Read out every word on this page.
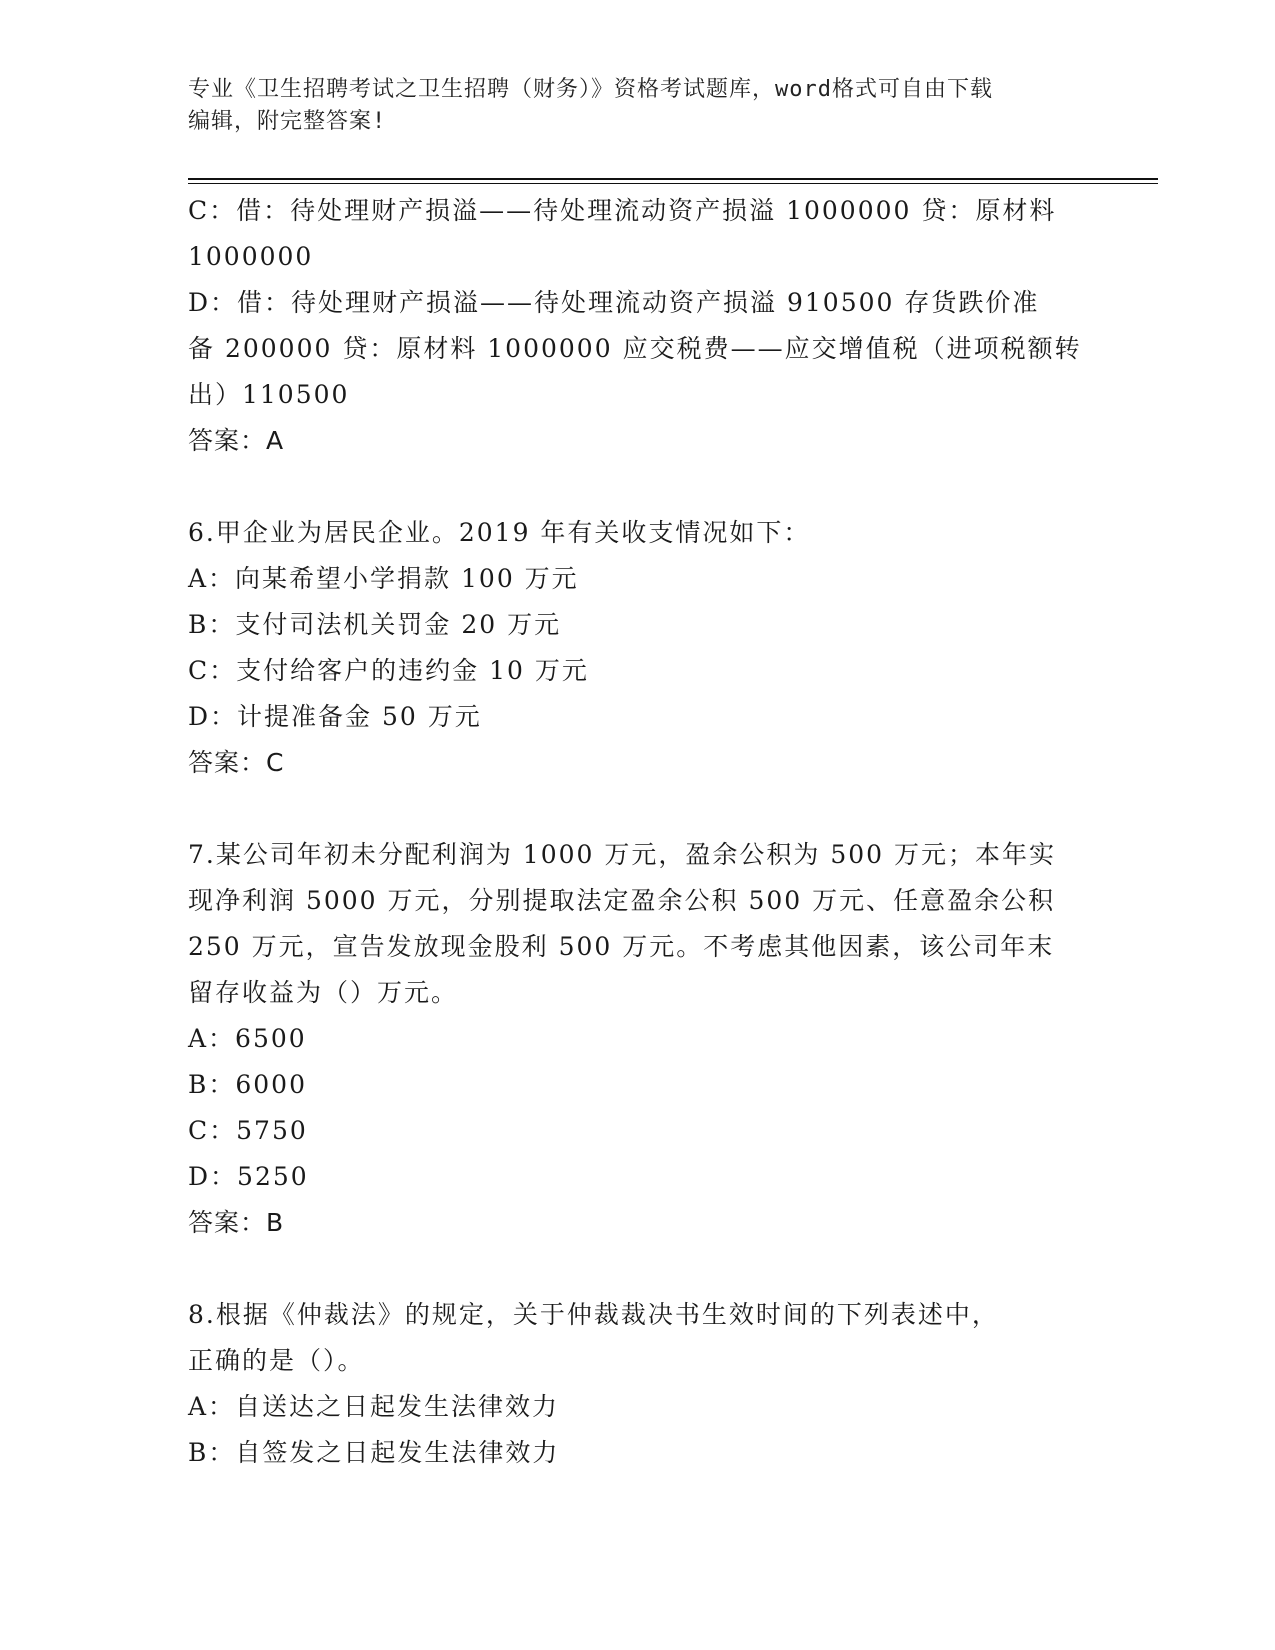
专业《卫生招聘考试之卫生招聘（财务）》资格考试题库，word格式可自由下载
编辑，附完整答案!
C：借：待处理财产损溢——待处理流动资产损溢 1000000 贷：原材料
1000000
D：借：待处理财产损溢——待处理流动资产损溢 910500 存货跌价准
备 200000 贷：原材料 1000000 应交税费——应交增值税（进项税额转
出）110500
答案：A
6.甲企业为居民企业。2019 年有关收支情况如下：
A：向某希望小学捐款 100 万元
B：支付司法机关罚金 20 万元
C：支付给客户的违约金 10 万元
D：计提准备金 50 万元
答案：C
7.某公司年初未分配利润为 1000 万元，盈余公积为 500 万元；本年实
现净利润 5000 万元，分别提取法定盈余公积 500 万元、任意盈余公积
250 万元，宣告发放现金股利 500 万元。不考虑其他因素，该公司年末
留存收益为（）万元。
A：6500
B：6000
C：5750
D：5250
答案：B
8.根据《仲裁法》的规定，关于仲裁裁决书生效时间的下列表述中，
正确的是（）。
A：自送达之日起发生法律效力
B：自签发之日起发生法律效力
